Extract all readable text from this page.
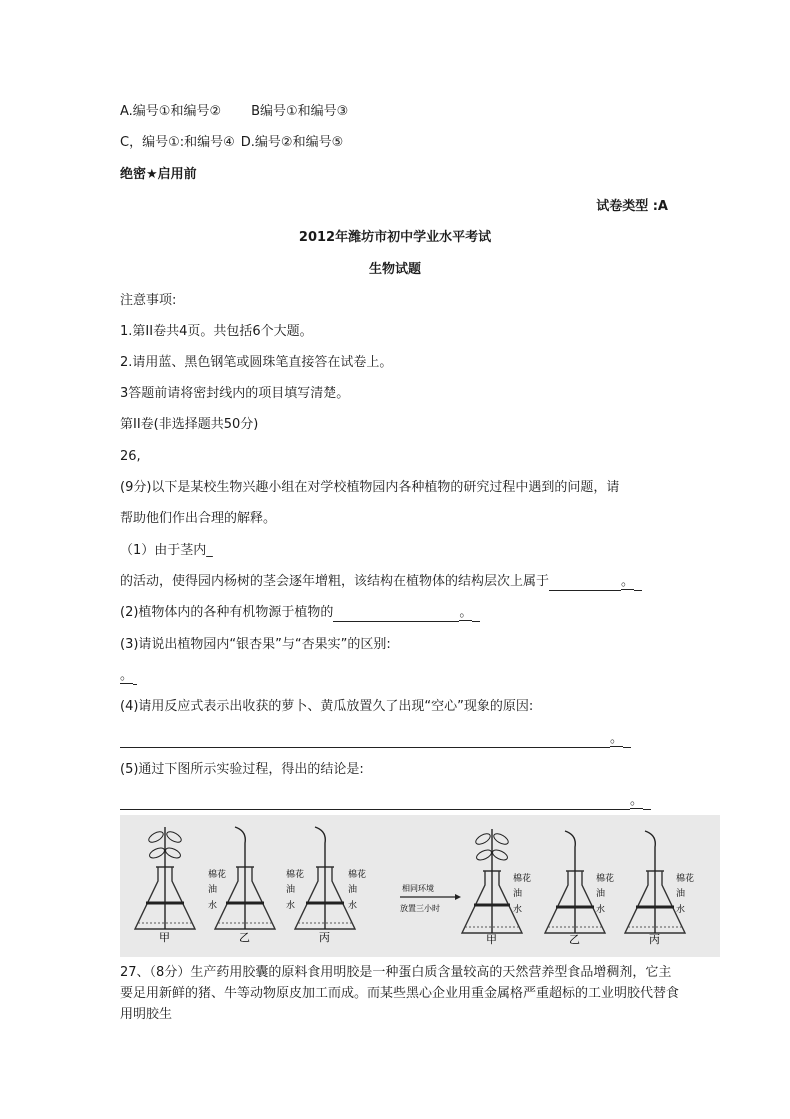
A.编号①和编号② B编号①和编号③
C，编号①:和编号④ D.编号②和编号⑤
绝密★启用前
试卷类型 :A
2012年潍坊市初中学业水平考试
生物试题
注意事项:
1.第II卷共4页。共包括6个大题。
2.请用蓝、黑色钢笔或圆珠笔直接答在试卷上。
3答题前请将密封线内的项目填写清楚。
第II卷(非选择题共50分)
26,
(9分)以下是某校生物兴趣小组在对学校植物园内各种植物的研究过程中遇到的问题，请
帮助他们作出合理的解释。
（1）由于茎内_
的活动，使得园内杨树的茎会逐年增粗，该结构在植物体的结构层次上属于	。
(2)植物体内的各种有机物源于植物的	。
(3)请说出植物园内“银杏果”与“杏果实”的区别:
。
(4)请用反应式表示出收获的萝卜、黄瓜放置久了出现“空心”现象的原因:
。
(5)通过下图所示实验过程，得出的结论是:
。
棉花
油
水
棉花
油
水
棉花
油
水
甲	乙	丙
相同环境
放置三小时
棉花
油
水
棉花
油
水
棉花
油
水
甲	乙	丙
27、（8分）生产药用胶囊的原料食用明胶是一种蛋白质含量较高的天然营养型食品增稠剂，它主要足用新鲜的猪、牛等动物原皮加工而成。而某些黑心企业用重金属格严重超标的工业明胶代替食用明胶生
